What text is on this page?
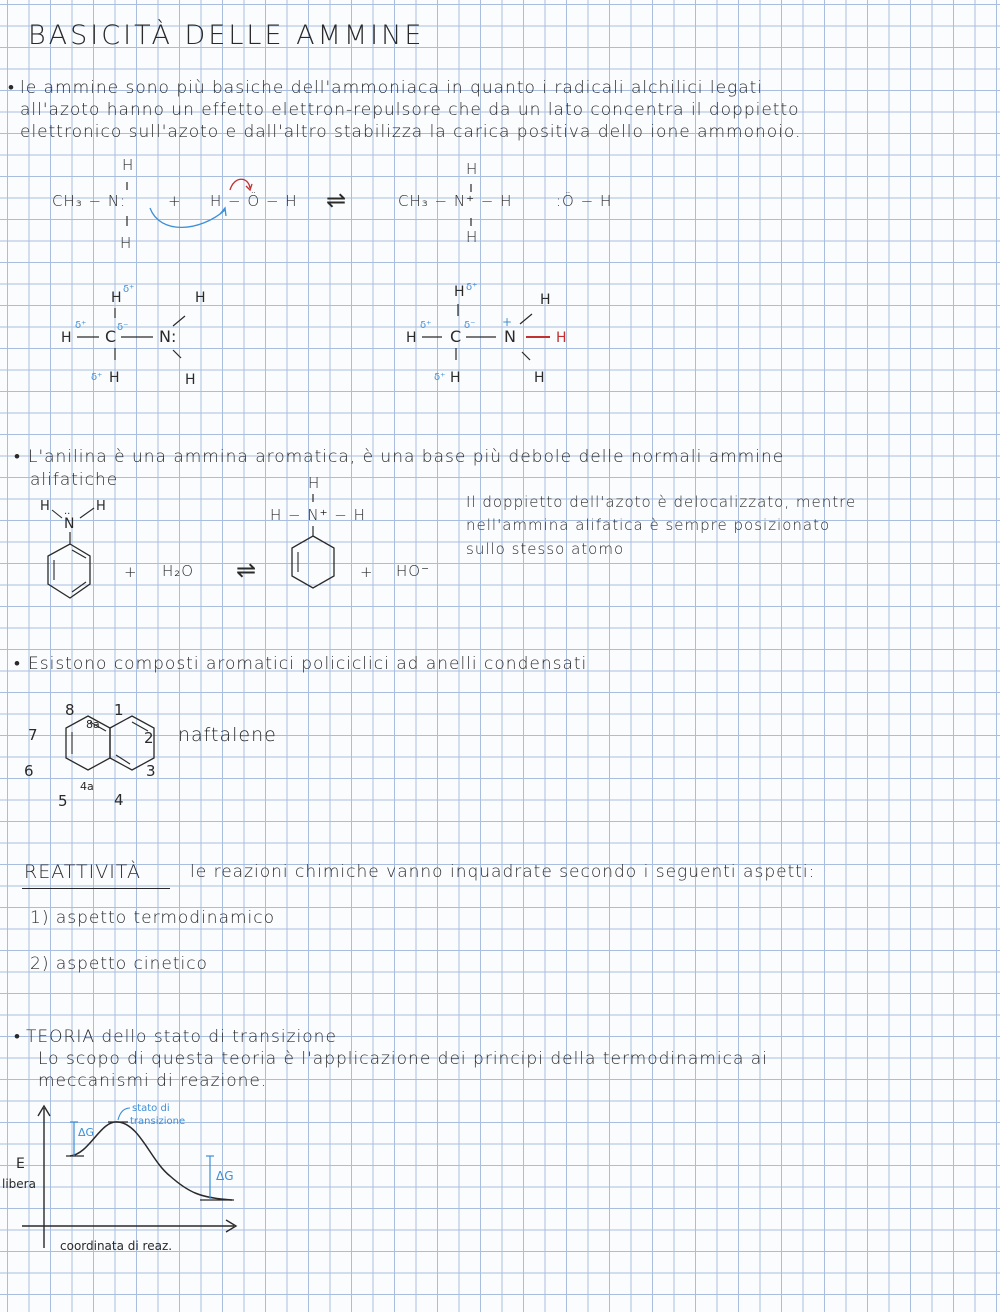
BASICITÀ DELLE AMMINE
• le ammine sono più basiche dell'ammoniaca in quanto i radicali alchilici legati
all'azoto hanno un effetto elettron-repulsore che da un lato concentra il doppietto
elettronico sull'azoto e dall'altro stabilizza la carica positiva dello ione ammonoio.
H
CH₃ − N:
H
+ H − Ö − H ⇌
H
CH₃ − N⁺ − H
H
:Ö − H
H
δ⁺
H
δ⁺
C δ⁻ N:
H
δ⁺
H
H
H δ⁺
H
δ⁺
C
δ⁻ +
N	H
H
δ⁺
H
H
• L'anilina è una ammina aromatica, è una base più debole delle normali ammine
alifatiche
H	H
N
..
+ H₂O ⇌
H
H − N⁺ − H
+ HO⁻
Il doppietto dell'azoto è delocalizzato, mentre
nell'ammina alifatica è sempre posizionato
sullo stesso atomo
• Esistono composti aromatici policiclici ad anelli condensati
8	1
2
3
4
5
6
7
8a
4a
naftalene
REATTIVITÀ	le reazioni chimiche vanno inquadrate secondo i seguenti aspetti:
1) aspetto termodinamico
2) aspetto cinetico
• TEORIA dello stato di transizione
Lo scopo di questa teoria è l'applicazione dei principi della termodinamica ai
meccanismi di reazione.
ΔG
ΔG
stato di
transizione
E
libera
coordinata di reaz.
